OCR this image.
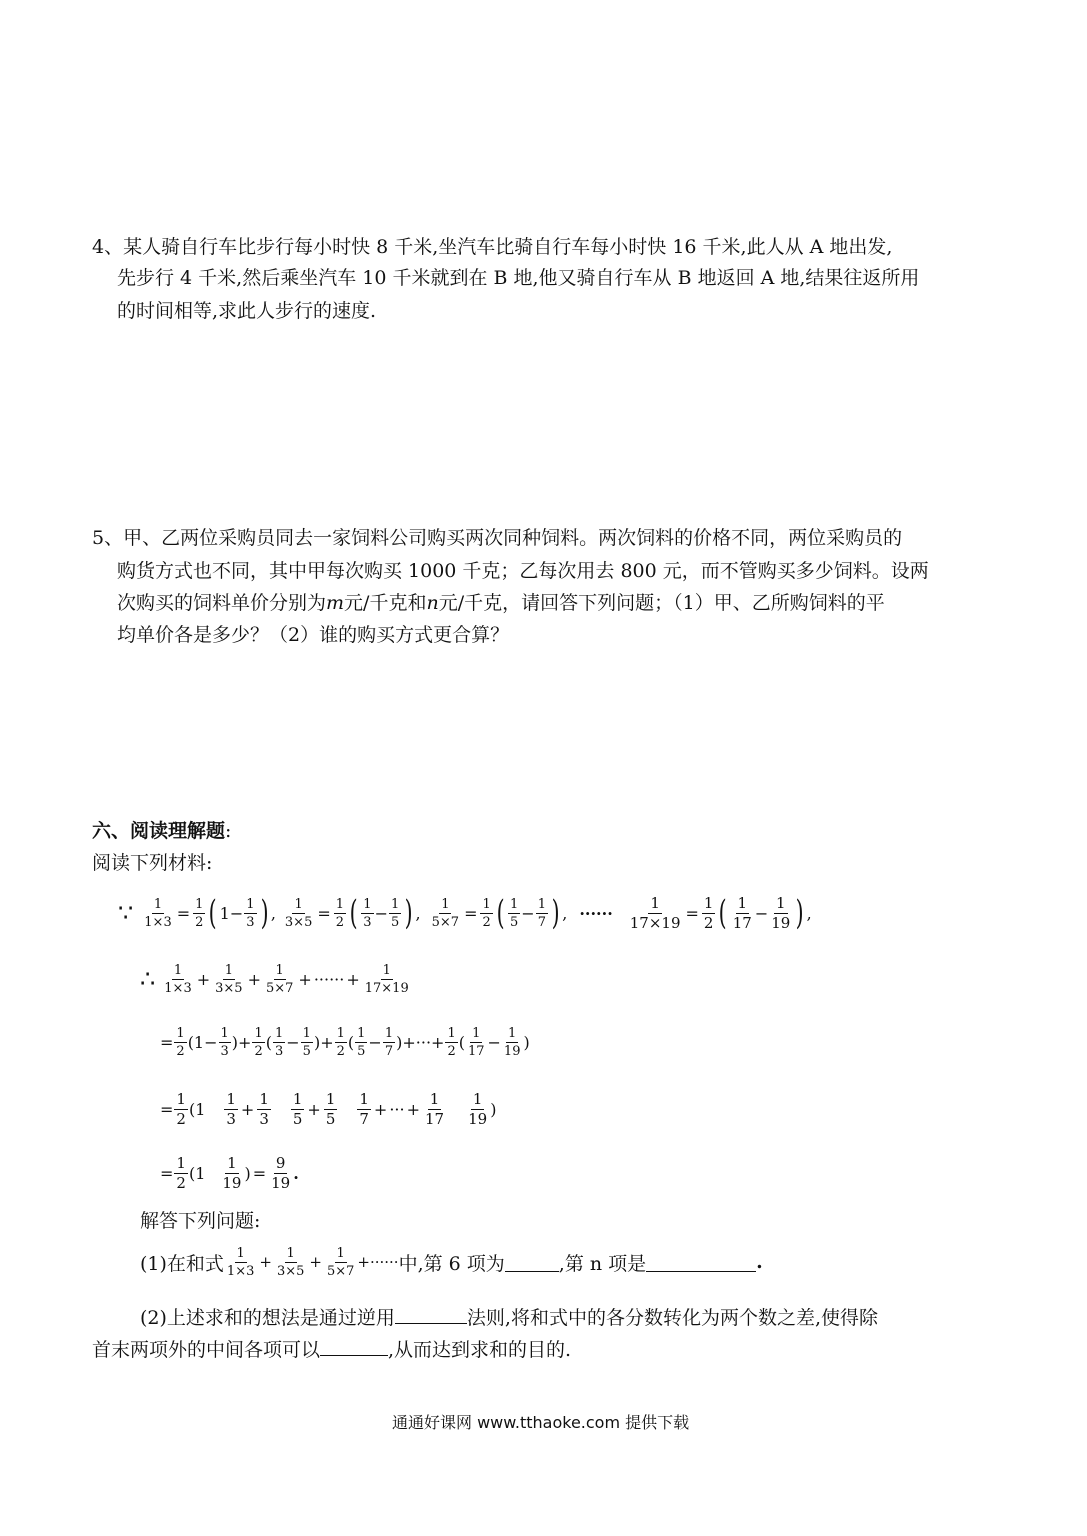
4、某人骑自行车比步行每小时快 8 千米,坐汽车比骑自行车每小时快 16 千米,此人从 A 地出发,
先步行 4 千米,然后乘坐汽车 10 千米就到在 B 地,他又骑自行车从 B 地返回 A 地,结果往返所用
的时间相等,求此人步行的速度.
5、甲、乙两位采购员同去一家饲料公司购买两次同种饲料。两次饲料的价格不同，两位采购员的
购货方式也不同，其中甲每次购买 1000 千克；乙每次用去 800 元，而不管购买多少饲料。设两
次购买的饲料单价分别为m元/千克和n元/千克，请回答下列问题；（1）甲、乙所购饲料的平
均单价各是多少？（2）谁的购买方式更合算？
六、阅读理解题:
阅读下列材料:
∵ $\frac{1}{1\times 3} = \frac{1}{2}$ ( $1- \frac{1}{3}$ ) , $\frac{1}{3\times 5} = \frac{1}{2}$ ( $\frac{1}{3} - \frac{1}{5}$ ) , $\frac{1}{5\times 7} = \frac{1}{2}$ ( $\frac{1}{5} - \frac{1}{7}$ ) , ······ $\frac{1}{17\times 19} = \frac{1}{2}$ ( $\frac{1}{17} - \frac{1}{19}$ ) ,
∴ $\frac{1}{1\times 3} + \frac{1}{3\times 5} + \frac{1}{5\times 7}$ + ······ + $\frac{1}{17\times 19}$
= $\frac{1}{2} (1- \frac{1}{3}$ )+ $\frac{1}{2}$ ( $\frac{1}{3} - \frac{1}{5}$ )+ $\frac{1}{2}$ ( $\frac{1}{5} - \frac{1}{7}$ )+ ··· + $\frac{1}{2}$ ( $\frac{1}{17} - \frac{1}{19}$ )
= $\frac{1}{2} (1 \frac{1}{3} + \frac{1}{3} \frac{1}{5} + \frac{1}{5} \frac{1}{7}$ + ··· + $\frac{1}{17} \frac{1}{19}$ )
= $\frac{1}{2} (1 \frac{1}{19}$ ) = $\frac{9}{19}$ .
解答下列问题:
(1)在和式 $\frac{1}{1\times 3} + \frac{1}{3\times 5} + \frac{1}{5\times 7}$ +······ 中,第 6 项为	,第 n 项是	.
(2)上述求和的想法是通过逆用	法则,将和式中的各分数转化为两个数之差,使得除
首末两项外的中间各项可以	,从而达到求和的目的.
通通好课网 www.tthaoke.com 提供下载
